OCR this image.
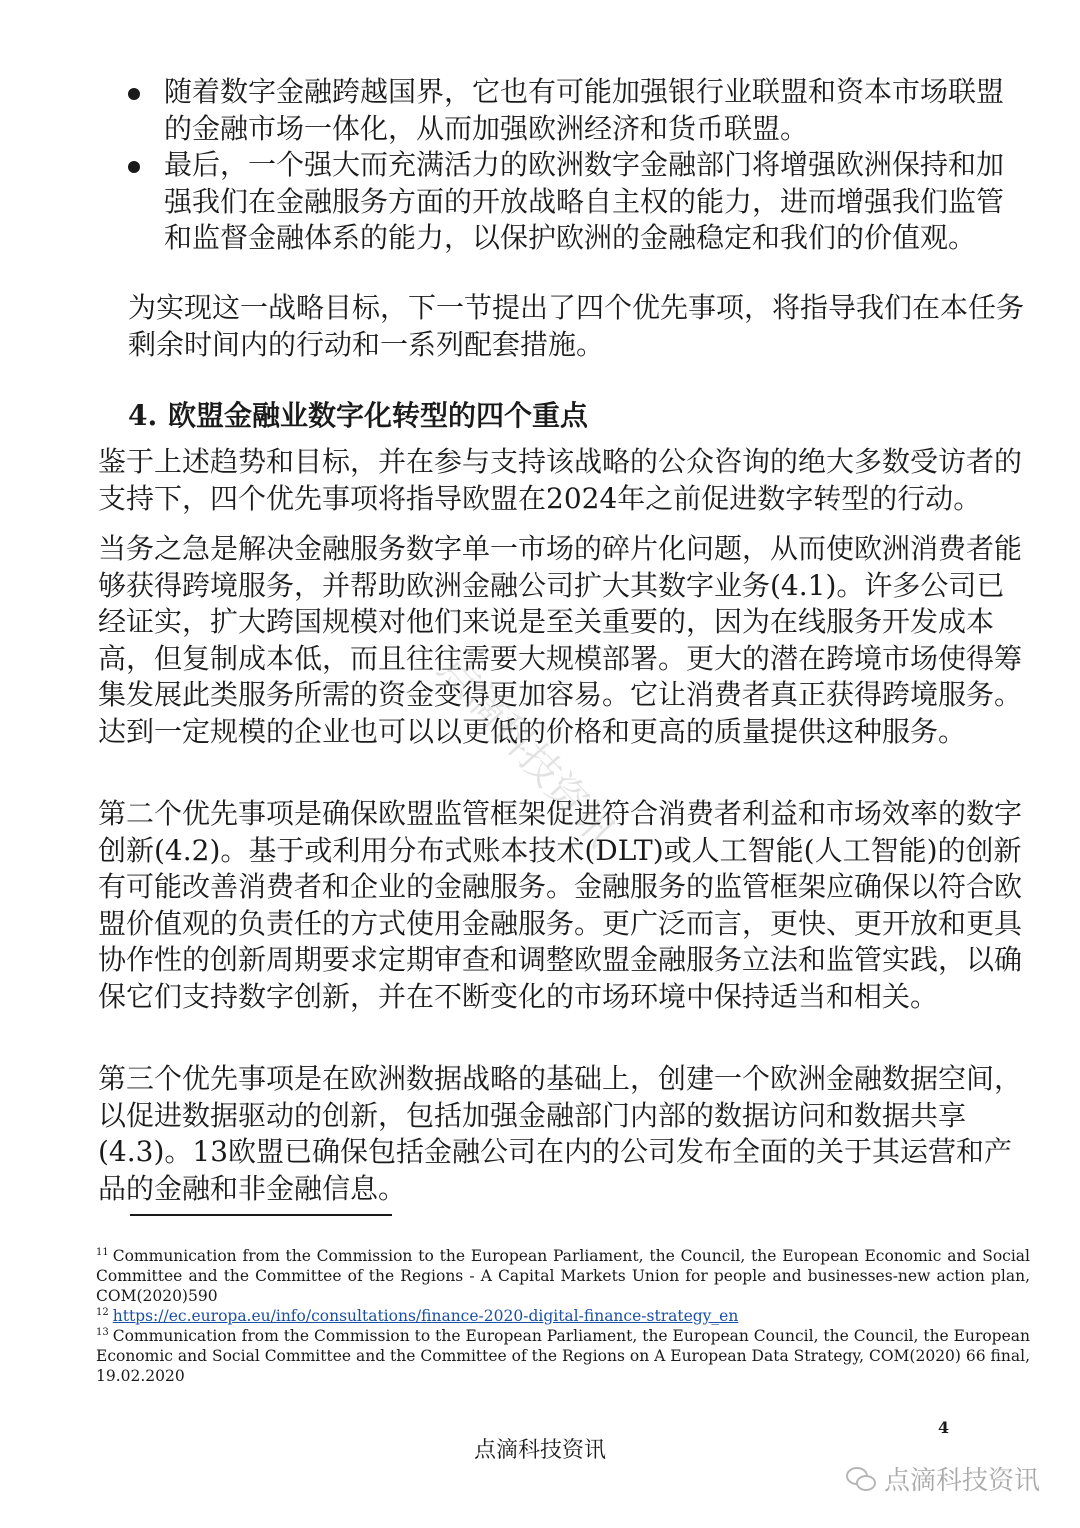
随着数字金融跨越国界，它也有可能加强银行业联盟和资本市场联盟的金融市场一体化，从而加强欧洲经济和货币联盟。
最后，一个强大而充满活力的欧洲数字金融部门将增强欧洲保持和加强我们在金融服务方面的开放战略自主权的能力，进而增强我们监管和监督金融体系的能力，以保护欧洲的金融稳定和我们的价值观。

为实现这一战略目标，下一节提出了四个优先事项，将指导我们在本任务剩余时间内的行动和一系列配套措施。

4. 欧盟金融业数字化转型的四个重点

鉴于上述趋势和目标，并在参与支持该战略的公众咨询的绝大多数受访者的支持下，四个优先事项将指导欧盟在2024年之前促进数字转型的行动。

当务之急是解决金融服务数字单一市场的碎片化问题，从而使欧洲消费者能够获得跨境服务，并帮助欧洲金融公司扩大其数字业务(4.1)。许多公司已经证实，扩大跨国规模对他们来说是至关重要的，因为在线服务开发成本高，但复制成本低，而且往往需要大规模部署。更大的潜在跨境市场使得筹集发展此类服务所需的资金变得更加容易。它让消费者真正获得跨境服务。达到一定规模的企业也可以以更低的价格和更高的质量提供这种服务。

第二个优先事项是确保欧盟监管框架促进符合消费者利益和市场效率的数字创新(4.2)。基于或利用分布式账本技术(DLT)或人工智能(人工智能)的创新有可能改善消费者和企业的金融服务。金融服务的监管框架应确保以符合欧盟价值观的负责任的方式使用金融服务。更广泛而言，更快、更开放和更具协作性的创新周期要求定期审查和调整欧盟金融服务立法和监管实践，以确保它们支持数字创新，并在不断变化的市场环境中保持适当和相关。

第三个优先事项是在欧洲数据战略的基础上，创建一个欧洲金融数据空间，以促进数据驱动的创新，包括加强金融部门内部的数据访问和数据共享(4.3)。13欧盟已确保包括金融公司在内的公司发布全面的关于其运营和产品的金融和非金融信息。

点滴科技资讯

$^{11}$ Communication from the Commission to the European Parliament, the Council, the European Economic and Social Committee and the Committee of the Regions - A Capital Markets Union for people and businesses-new action plan, COM(2020)590

$^{12}$ https://ec.europa.eu/info/consultations/finance-2020-digital-finance-strategy_en

$^{13}$ Communication from the Commission to the European Parliament, the European Council, the Council, the European Economic and Social Committee and the Committee of the Regions on A European Data Strategy, COM(2020) 66 final, 19.02.2020

4
点滴科技资讯
点滴科技资讯
